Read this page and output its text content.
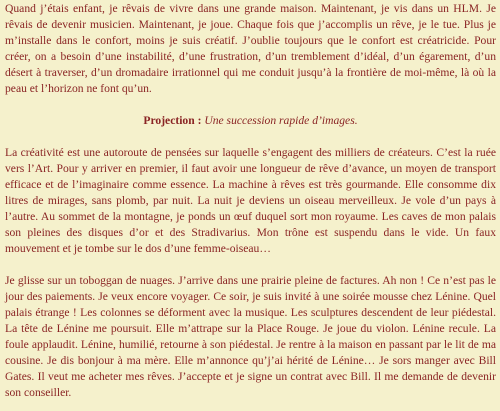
Quand j’étais enfant, je rêvais de vivre dans une grande maison. Maintenant, je vis dans un HLM. Je rêvais de devenir musicien. Maintenant, je joue. Chaque fois que j’accomplis un rêve, je le tue. Plus je m’installe dans le confort, moins je suis créatif. J’oublie toujours que le confort est créatricide. Pour créer, on a besoin d’une instabilité, d’une frustration, d’un tremblement d’idéal, d’un égarement, d’un désert à traverser, d’un dromadaire irrationnel qui me conduit jusqu’à la frontière de moi-même, là où la peau et l’horizon ne font qu’un.

Projection : Une succession rapide d’images.

La créativité est une autoroute de pensées sur laquelle s’engagent des milliers de créateurs. C’est la ruée vers l’Art. Pour y arriver en premier, il faut avoir une longueur de rêve d’avance, un moyen de transport efficace et de l’imaginaire comme essence. La machine à rêves est très gourmande. Elle consomme dix litres de mirages, sans plomb, par nuit. La nuit je deviens un oiseau merveilleux. Je vole d’un pays à l’autre. Au sommet de la montagne, je ponds un œuf duquel sort mon royaume. Les caves de mon palais son pleines des disques d’or et des Stradivarius. Mon trône est suspendu dans le vide. Un faux mouvement et je tombe sur le dos d’une femme-oiseau…

Je glisse sur un toboggan de nuages. J’arrive dans une prairie pleine de factures. Ah non ! Ce n’est pas le jour des paiements. Je veux encore voyager. Ce soir, je suis invité à une soirée mousse chez Lénine. Quel palais étrange ! Les colonnes se déforment avec la musique. Les sculptures descendent de leur piédestal. La tête de Lénine me poursuit. Elle m’attrape sur la Place Rouge. Je joue du violon. Lénine recule. La foule applaudit. Lénine, humilié, retourne à son piédestal. Je rentre à la maison en passant par le lit de ma cousine. Je dis bonjour à ma mère. Elle m’annonce qu’j’ai hérité de Lénine… Je sors manger avec Bill Gates. Il veut me acheter mes rêves. J’accepte et je signe un contrat avec Bill. Il me demande de devenir son conseiller.
